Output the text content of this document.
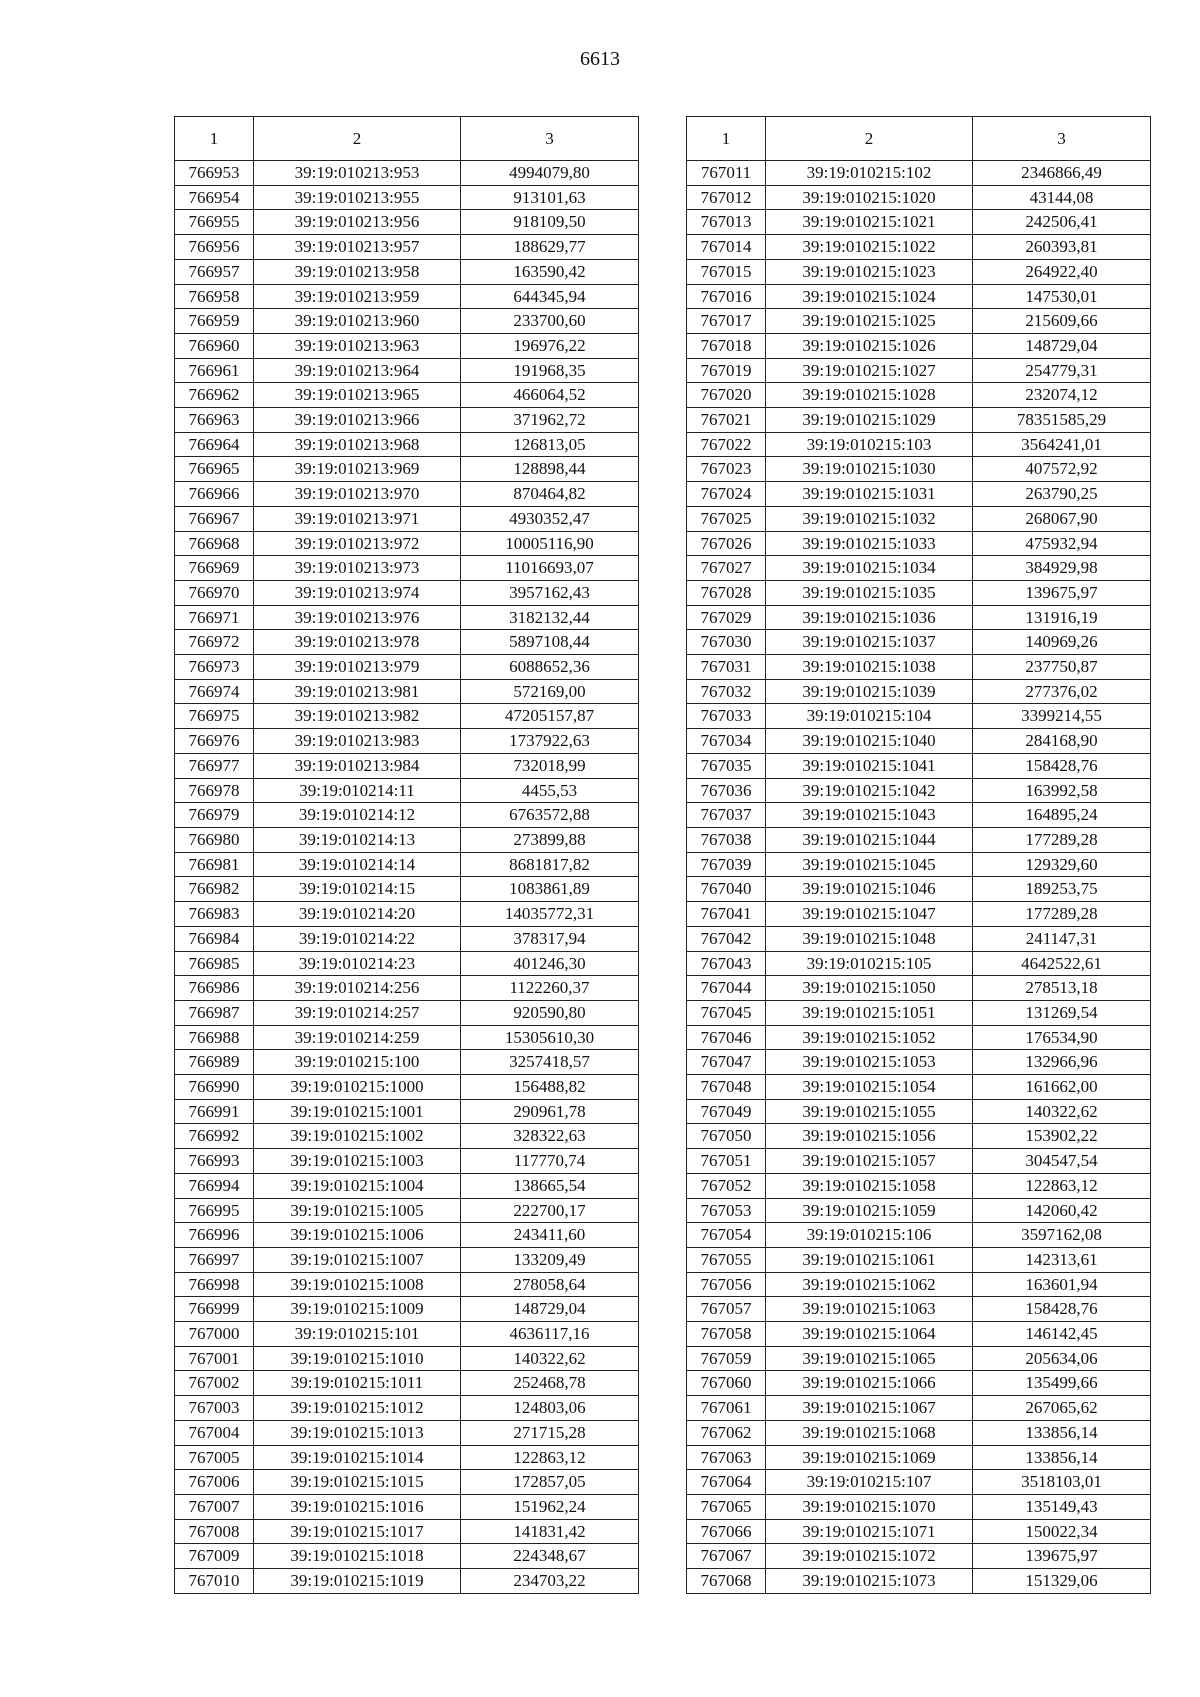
6613
1	2	3
766953	39:19:010213:953	4994079,80
766954	39:19:010213:955	913101,63
766955	39:19:010213:956	918109,50
766956	39:19:010213:957	188629,77
766957	39:19:010213:958	163590,42
766958	39:19:010213:959	644345,94
766959	39:19:010213:960	233700,60
766960	39:19:010213:963	196976,22
766961	39:19:010213:964	191968,35
766962	39:19:010213:965	466064,52
766963	39:19:010213:966	371962,72
766964	39:19:010213:968	126813,05
766965	39:19:010213:969	128898,44
766966	39:19:010213:970	870464,82
766967	39:19:010213:971	4930352,47
766968	39:19:010213:972	10005116,90
766969	39:19:010213:973	11016693,07
766970	39:19:010213:974	3957162,43
766971	39:19:010213:976	3182132,44
766972	39:19:010213:978	5897108,44
766973	39:19:010213:979	6088652,36
766974	39:19:010213:981	572169,00
766975	39:19:010213:982	47205157,87
766976	39:19:010213:983	1737922,63
766977	39:19:010213:984	732018,99
766978	39:19:010214:11	4455,53
766979	39:19:010214:12	6763572,88
766980	39:19:010214:13	273899,88
766981	39:19:010214:14	8681817,82
766982	39:19:010214:15	1083861,89
766983	39:19:010214:20	14035772,31
766984	39:19:010214:22	378317,94
766985	39:19:010214:23	401246,30
766986	39:19:010214:256	1122260,37
766987	39:19:010214:257	920590,80
766988	39:19:010214:259	15305610,30
766989	39:19:010215:100	3257418,57
766990	39:19:010215:1000	156488,82
766991	39:19:010215:1001	290961,78
766992	39:19:010215:1002	328322,63
766993	39:19:010215:1003	117770,74
766994	39:19:010215:1004	138665,54
766995	39:19:010215:1005	222700,17
766996	39:19:010215:1006	243411,60
766997	39:19:010215:1007	133209,49
766998	39:19:010215:1008	278058,64
766999	39:19:010215:1009	148729,04
767000	39:19:010215:101	4636117,16
767001	39:19:010215:1010	140322,62
767002	39:19:010215:1011	252468,78
767003	39:19:010215:1012	124803,06
767004	39:19:010215:1013	271715,28
767005	39:19:010215:1014	122863,12
767006	39:19:010215:1015	172857,05
767007	39:19:010215:1016	151962,24
767008	39:19:010215:1017	141831,42
767009	39:19:010215:1018	224348,67
767010	39:19:010215:1019	234703,22
1	2	3
767011	39:19:010215:102	2346866,49
767012	39:19:010215:1020	43144,08
767013	39:19:010215:1021	242506,41
767014	39:19:010215:1022	260393,81
767015	39:19:010215:1023	264922,40
767016	39:19:010215:1024	147530,01
767017	39:19:010215:1025	215609,66
767018	39:19:010215:1026	148729,04
767019	39:19:010215:1027	254779,31
767020	39:19:010215:1028	232074,12
767021	39:19:010215:1029	78351585,29
767022	39:19:010215:103	3564241,01
767023	39:19:010215:1030	407572,92
767024	39:19:010215:1031	263790,25
767025	39:19:010215:1032	268067,90
767026	39:19:010215:1033	475932,94
767027	39:19:010215:1034	384929,98
767028	39:19:010215:1035	139675,97
767029	39:19:010215:1036	131916,19
767030	39:19:010215:1037	140969,26
767031	39:19:010215:1038	237750,87
767032	39:19:010215:1039	277376,02
767033	39:19:010215:104	3399214,55
767034	39:19:010215:1040	284168,90
767035	39:19:010215:1041	158428,76
767036	39:19:010215:1042	163992,58
767037	39:19:010215:1043	164895,24
767038	39:19:010215:1044	177289,28
767039	39:19:010215:1045	129329,60
767040	39:19:010215:1046	189253,75
767041	39:19:010215:1047	177289,28
767042	39:19:010215:1048	241147,31
767043	39:19:010215:105	4642522,61
767044	39:19:010215:1050	278513,18
767045	39:19:010215:1051	131269,54
767046	39:19:010215:1052	176534,90
767047	39:19:010215:1053	132966,96
767048	39:19:010215:1054	161662,00
767049	39:19:010215:1055	140322,62
767050	39:19:010215:1056	153902,22
767051	39:19:010215:1057	304547,54
767052	39:19:010215:1058	122863,12
767053	39:19:010215:1059	142060,42
767054	39:19:010215:106	3597162,08
767055	39:19:010215:1061	142313,61
767056	39:19:010215:1062	163601,94
767057	39:19:010215:1063	158428,76
767058	39:19:010215:1064	146142,45
767059	39:19:010215:1065	205634,06
767060	39:19:010215:1066	135499,66
767061	39:19:010215:1067	267065,62
767062	39:19:010215:1068	133856,14
767063	39:19:010215:1069	133856,14
767064	39:19:010215:107	3518103,01
767065	39:19:010215:1070	135149,43
767066	39:19:010215:1071	150022,34
767067	39:19:010215:1072	139675,97
767068	39:19:010215:1073	151329,06
